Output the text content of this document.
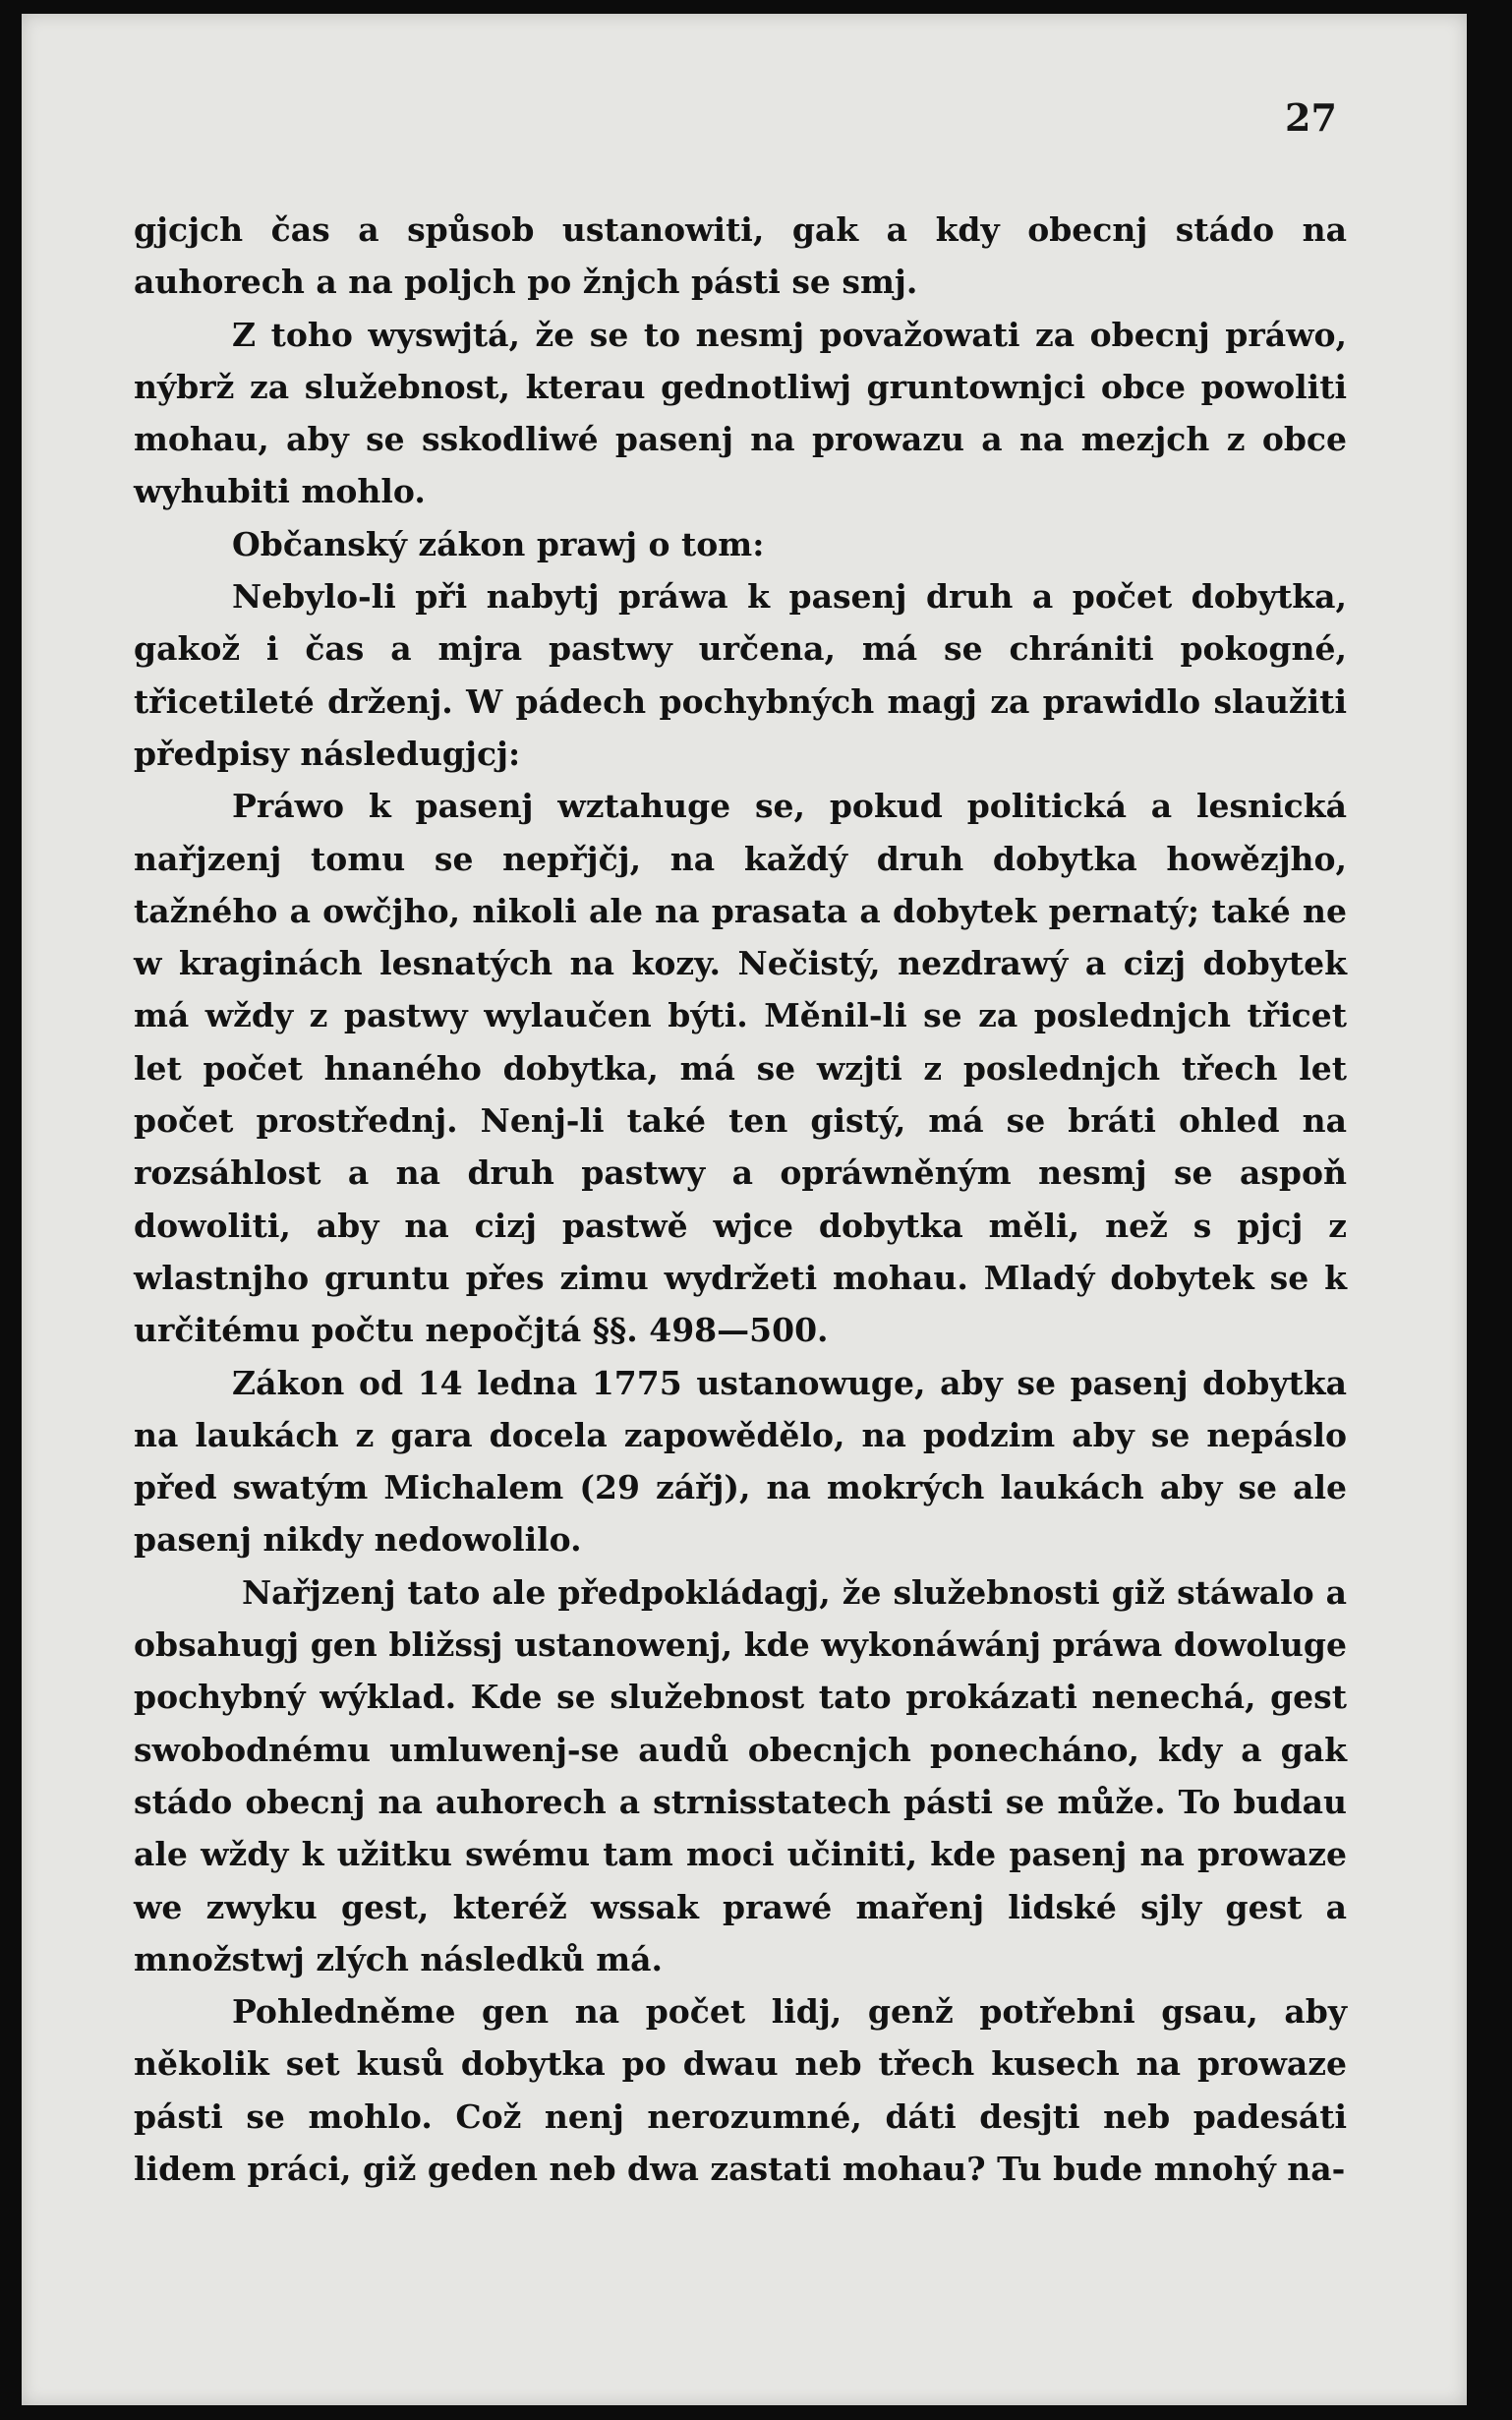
27

gjcjch čas a spůsob ustanowiti, gak a kdy obecnj stádo na auhorech a na poljch po žnjch pásti se smj.

Z toho wyswjtá, že se to nesmj považowati za obecnj práwo, nýbrž za služebnost, kterau gednotliwj gruntownjci obce powoliti mohau, aby se sskodliwé pasenj na prowazu a na mezjch z obce wyhubiti mohlo.

Občanský zákon prawj o tom:

Nebylo-li při nabytj práwa k pasenj druh a počet dobytka, gakož i čas a mjra pastwy určena, má se chrániti pokogné, třicetileté drženj. W pádech pochybných magj za prawidlo slaužiti předpisy následugjcj:

Práwo k pasenj wztahuge se, pokud politická a lesnická nařjzenj tomu se nepřjčj, na každý druh dobytka howězjho, tažného a owčjho, nikoli ale na prasata a dobytek pernatý; také ne w kraginách lesnatých na kozy. Nečistý, nezdrawý a cizj dobytek má wždy z pastwy wylaučen býti. Měnil-li se za poslednjch třicet let počet hnaného dobytka, má se wzjti z poslednjch třech let počet prostřednj. Nenj-li také ten gistý, má se bráti ohled na rozsáhlost a na druh pastwy a opráwněným nesmj se aspoň dowoliti, aby na cizj pastwě wjce dobytka měli, než s pjcj z wlastnjho gruntu přes zimu wydržeti mohau. Mladý dobytek se k určitému počtu nepočjtá §§. 498—500.

Zákon od 14 ledna 1775 ustanowuge, aby se pasenj dobytka na laukách z gara docela zapowědělo, na podzim aby se nepáslo před swatým Michalem (29 zářj), na mokrých laukách aby se ale pasenj nikdy nedowolilo.

Nařjzenj tato ale předpokládagj, že služebnosti giž stáwalo a obsahugj gen bližssj ustanowenj, kde wykonáwánj práwa dowoluge pochybný wýklad. Kde se služebnost tato prokázati nenechá, gest swobodnému umluwenj-se audů obecnjch ponecháno, kdy a gak stádo obecnj na auhorech a strnisstatech pásti se může. To budau ale wždy k užitku swému tam moci učiniti, kde pasenj na prowaze we zwyku gest, kteréž wssak prawé mařenj lidské sjly gest a množstwj zlých následků má.

Pohledněme gen na počet lidj, genž potřebni gsau, aby několik set kusů dobytka po dwau neb třech kusech na prowaze pásti se mohlo. Což nenj nerozumné, dáti desjti neb padesáti lidem práci, giž geden neb dwa zastati mohau? Tu bude mnohý na-
